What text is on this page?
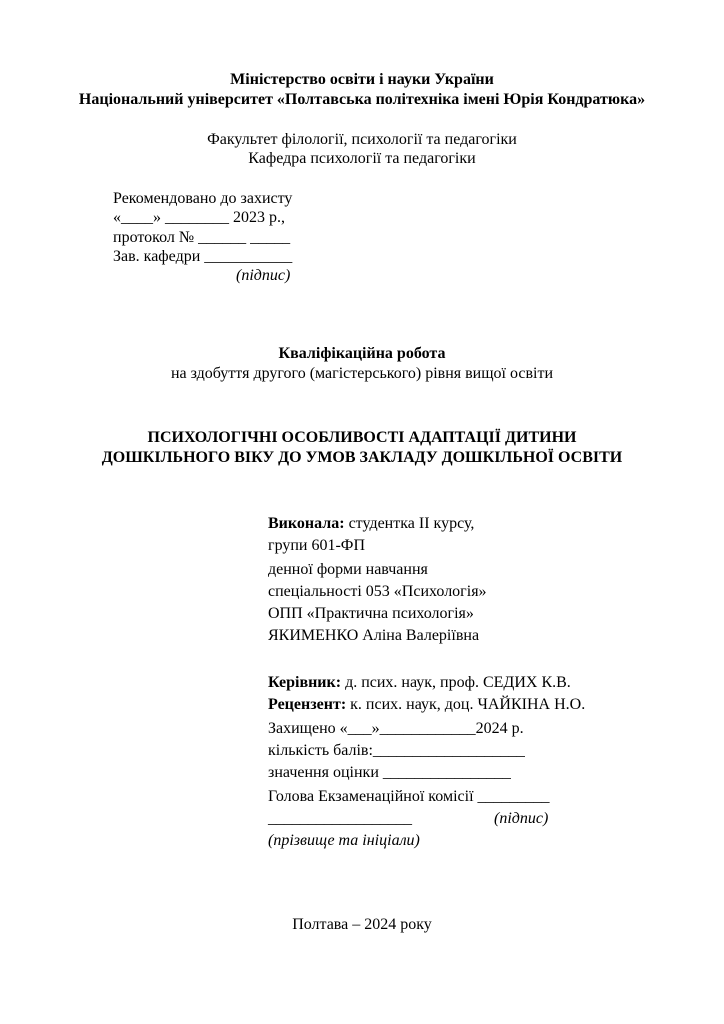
Міністерство освіти і науки України
Національний університет «Полтавська політехніка імені Юрія Кондратюка»
Факультет філології, психології та педагогіки
Кафедра психології та педагогіки
Рекомендовано до захисту
«____» ________ 2023 р.,
протокол № ______ _____
Зав. кафедри ___________
(підпис)
Кваліфікаційна робота
на здобуття другого (магістерського) рівня вищої освіти
ПСИХОЛОГІЧНІ ОСОБЛИВОСТІ АДАПТАЦІЇ ДИТИНИ
ДОШКІЛЬНОГО ВІКУ ДО УМОВ ЗАКЛАДУ ДОШКІЛЬНОЇ ОСВІТИ
Виконала: студентка ІІ курсу,
групи 601-ФП
денної форми навчання
спеціальності 053 «Психологія»
ОПП «Практична психологія»
ЯКИМЕНКО Аліна Валеріївна
Керівник: д. псих. наук, проф. СЕДИХ К.В.
Рецензент: к. псих. наук, доц. ЧАЙКІНА Н.О.
Захищено «___»____________2024 р.
кількість балів:___________________
значення оцінки ________________
Голова Екзаменаційної комісії _________
__________________	(підпис)
(прізвище та ініціали)
Полтава – 2024 року
